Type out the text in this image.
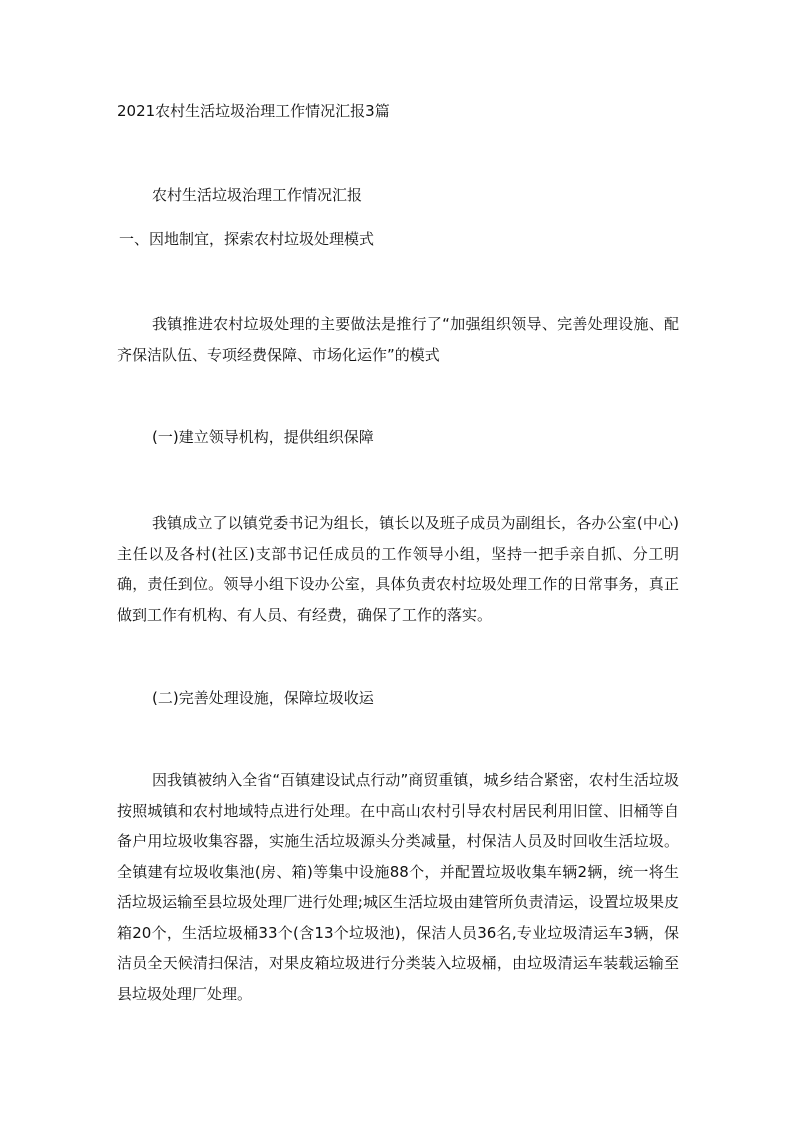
2021农村生活垃圾治理工作情况汇报3篇
农村生活垃圾治理工作情况汇报
一、因地制宜，探索农村垃圾处理模式
我镇推进农村垃圾处理的主要做法是推行了“加强组织领导、完善处理设施、配齐保洁队伍、专项经费保障、市场化运作”的模式
(一)建立领导机构，提供组织保障
我镇成立了以镇党委书记为组长，镇长以及班子成员为副组长，各办公室(中心)主任以及各村(社区)支部书记任成员的工作领导小组，坚持一把手亲自抓、分工明确，责任到位。领导小组下设办公室，具体负责农村垃圾处理工作的日常事务，真正做到工作有机构、有人员、有经费，确保了工作的落实。
(二)完善处理设施，保障垃圾收运
因我镇被纳入全省“百镇建设试点行动”商贸重镇，城乡结合紧密，农村生活垃圾按照城镇和农村地域特点进行处理。在中高山农村引导农村居民利用旧筐、旧桶等自备户用垃圾收集容器，实施生活垃圾源头分类减量，村保洁人员及时回收生活垃圾。全镇建有垃圾收集池(房、箱)等集中设施88个，并配置垃圾收集车辆2辆，统一将生活垃圾运输至县垃圾处理厂进行处理;城区生活垃圾由建管所负责清运，设置垃圾果皮箱20个，生活垃圾桶33个(含13个垃圾池)，保洁人员36名,专业垃圾清运车3辆，保洁员全天候清扫保洁，对果皮箱垃圾进行分类装入垃圾桶，由垃圾清运车装载运输至县垃圾处理厂处理。
